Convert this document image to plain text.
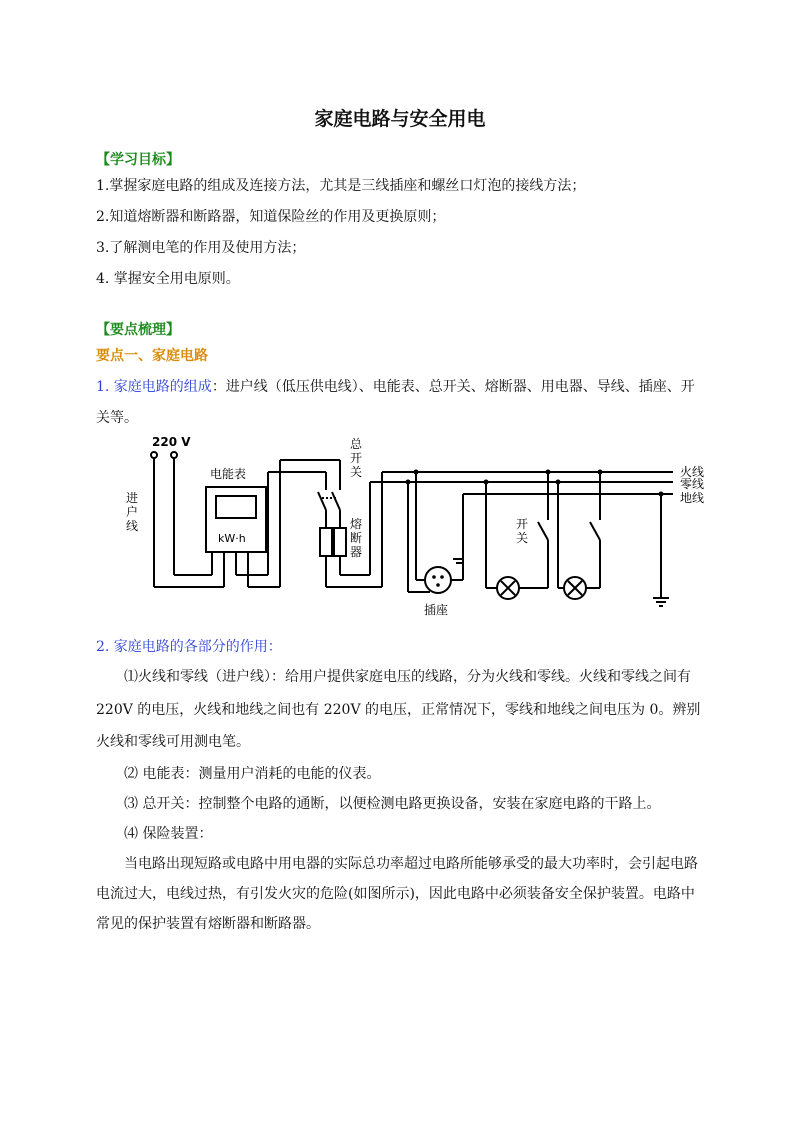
家庭电路与安全用电
【学习目标】
1.掌握家庭电路的组成及连接方法，尤其是三线插座和螺丝口灯泡的接线方法；
2.知道熔断器和断路器，知道保险丝的作用及更换原则；
3.了解测电笔的作用及使用方法；
4. 掌握安全用电原则。
【要点梳理】
要点一、家庭电路
1. 家庭电路的组成：进户线（低压供电线）、电能表、总开关、熔断器、用电器、导线、插座、开
关等。
220 V
电能表
kW·h
进
户
线
总
开
关
熔
断
器
开
关
插座
火线
零线
地线
2. 家庭电路的各部分的作用：
⑴火线和零线（进户线）：给用户提供家庭电压的线路，分为火线和零线。火线和零线之间有
220V 的电压，火线和地线之间也有 220V 的电压，正常情况下，零线和地线之间电压为 0。辨别
火线和零线可用测电笔。
⑵ 电能表：测量用户消耗的电能的仪表。
⑶ 总开关：控制整个电路的通断，以便检测电路更换设备，安装在家庭电路的干路上。
⑷ 保险装置：
当电路出现短路或电路中用电器的实际总功率超过电路所能够承受的最大功率时，会引起电路
电流过大，电线过热，有引发火灾的危险(如图所示)，因此电路中必须装备安全保护装置。电路中
常见的保护装置有熔断器和断路器。
